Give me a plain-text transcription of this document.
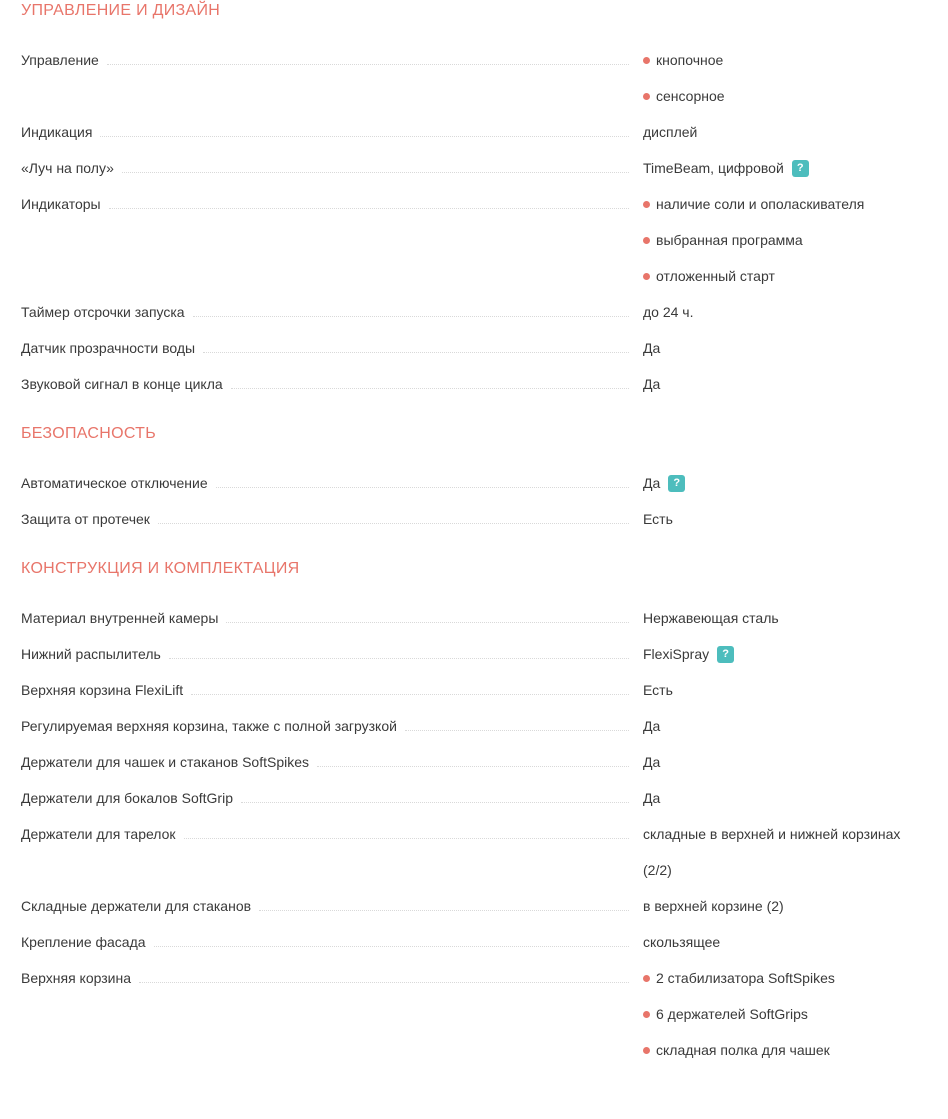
УПРАВЛЕНИЕ И ДИЗАЙН
Управление	кнопочное
сенсорное
Индикация	дисплей
«Луч на полу»	TimeBeam, цифровой	?
Индикаторы	наличие соли и ополаскивателя
выбранная программа
отложенный старт
Таймер отсрочки запуска	до 24 ч.
Датчик прозрачности воды	Да
Звуковой сигнал в конце цикла	Да
БЕЗОПАСНОСТЬ
Автоматическое отключение	Да	?
Защита от протечек	Есть
КОНСТРУКЦИЯ И КОМПЛЕКТАЦИЯ
Материал внутренней камеры	Нержавеющая сталь
Нижний распылитель	FlexiSpray	?
Верхняя корзина FlexiLift	Есть
Регулируемая верхняя корзина, также с полной загрузкой	Да
Держатели для чашек и стаканов SoftSpikes	Да
Держатели для бокалов SoftGrip	Да
Держатели для тарелок	складные в верхней и нижней корзинах
(2/2)
Складные держатели для стаканов	в верхней корзине (2)
Крепление фасада	скользящее
Верхняя корзина	2 стабилизатора SoftSpikes
6 держателей SoftGrips
складная полка для чашек
